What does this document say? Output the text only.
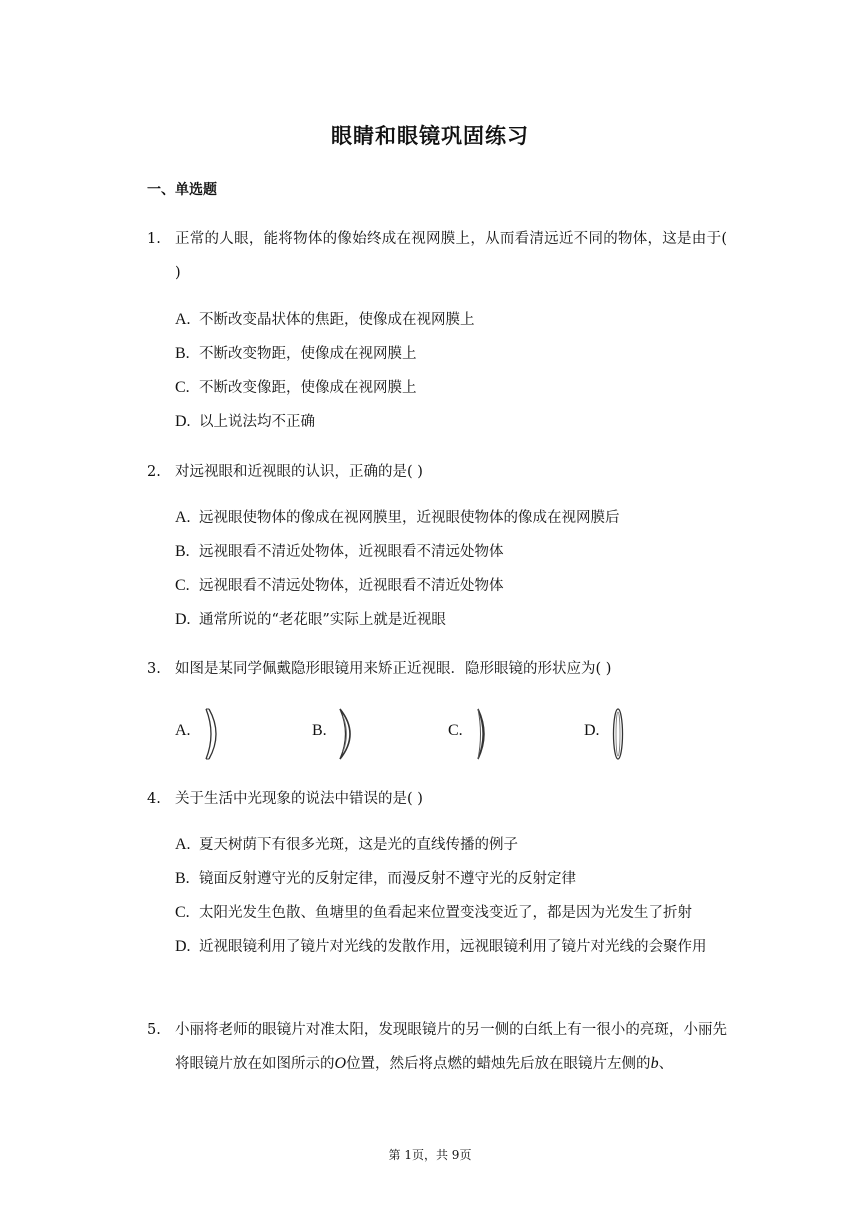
眼睛和眼镜巩固练习
一、单选题
1. 正常的人眼，能将物体的像始终成在视网膜上，从而看清远近不同的物体，这是由于( )
A. 不断改变晶状体的焦距，使像成在视网膜上
B. 不断改变物距，使像成在视网膜上
C. 不断改变像距，使像成在视网膜上
D. 以上说法均不正确
2. 对远视眼和近视眼的认识，正确的是( )
A. 远视眼使物体的像成在视网膜里，近视眼使物体的像成在视网膜后
B. 远视眼看不清近处物体，近视眼看不清远处物体
C. 远视眼看不清远处物体，近视眼看不清近处物体
D. 通常所说的“老花眼”实际上就是近视眼
3. 如图是某同学佩戴隐形眼镜用来矫正近视眼．隐形眼镜的形状应为( )
A.	B.	C.	D.
4. 关于生活中光现象的说法中错误的是( )
A. 夏天树荫下有很多光斑，这是光的直线传播的例子
B. 镜面反射遵守光的反射定律，而漫反射不遵守光的反射定律
C. 太阳光发生色散、鱼塘里的鱼看起来位置变浅变近了，都是因为光发生了折射
D. 近视眼镜利用了镜片对光线的发散作用，远视眼镜利用了镜片对光线的会聚作用
5. 小丽将老师的眼镜片对准太阳，发现眼镜片的另一侧的白纸上有一很小的亮斑，小丽先将眼镜片放在如图所示的O位置，然后将点燃的蜡烛先后放在眼镜片左侧的b、
第 1页，共 9页
